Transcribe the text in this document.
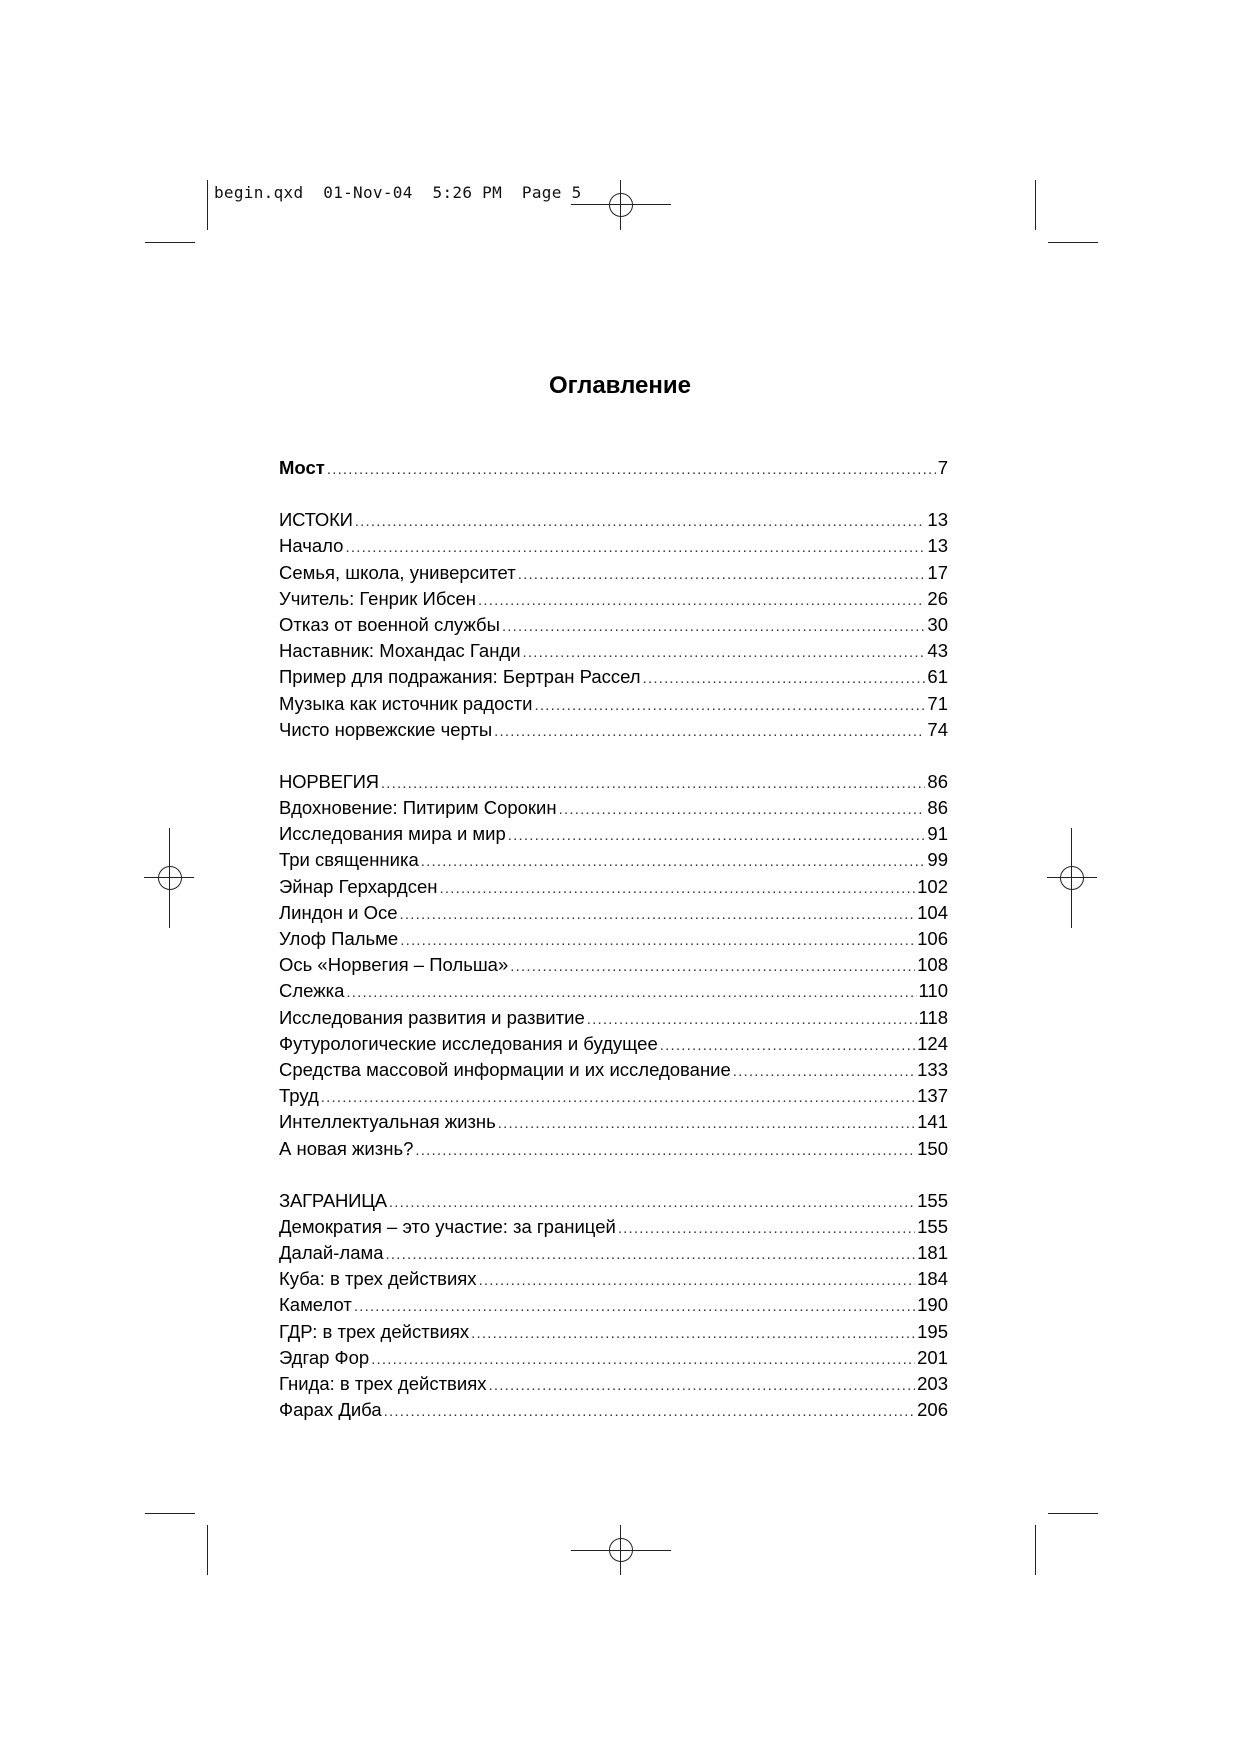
begin.qxd  01-Nov-04  5:26 PM  Page 5
Оглавление
Мост .....	7
ИСТОКИ .....	13
Начало .....	13
Семья, школа, университет .....	17
Учитель: Генрик Ибсен .....	26
Отказ от военной службы .....	30
Наставник: Мохандас Ганди .....	43
Пример для подражания: Бертран Рассел .....	61
Музыка как источник радости .....	71
Чисто норвежские черты .....	74
НОРВЕГИЯ .....	86
Вдохновение: Питирим Сорокин .....	86
Исследования мира и мир .....	91
Три священника .....	99
Эйнар Герхардсен .....	102
Линдон и Осе .....	104
Улоф Пальме .....	106
Ось «Норвегия – Польша» .....	108
Слежка .....	110
Исследования развития и развитие .....	118
Футурологические исследования и будущее .....	124
Средства массовой информации и их исследование .....	133
Труд .....	137
Интеллектуальная жизнь .....	141
А новая жизнь? .....	150
ЗАГРАНИЦА .....	155
Демократия – это участие: за границей .....	155
Далай-лама .....	181
Куба: в трех действиях .....	184
Камелот .....	190
ГДР: в трех действиях .....	195
Эдгар Фор .....	201
Гнида: в трех действиях .....	203
Фарах Диба .....	206
